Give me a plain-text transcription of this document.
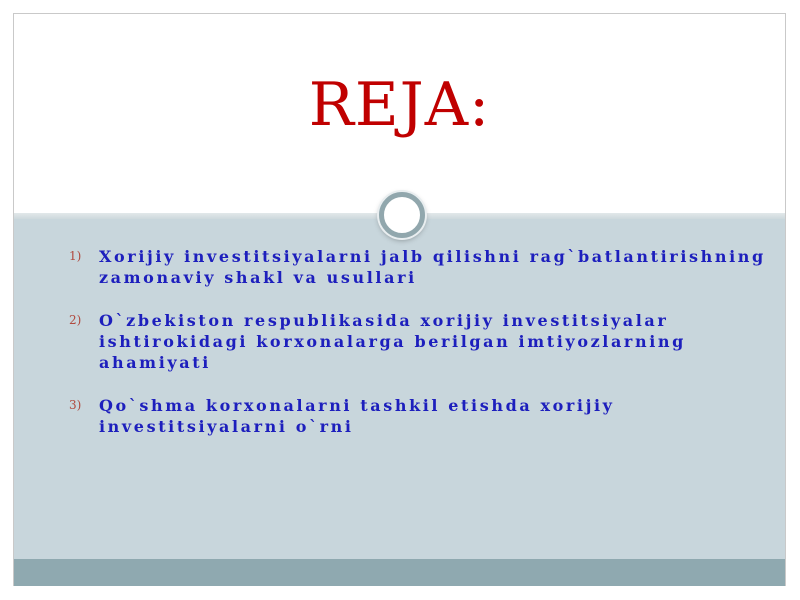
REJA:
1) Xorijiy investitsiyalarni jalb qilishni rag`batlantirishning zamonaviy shakl va usullari
2) O`zbekiston respublikasida xorijiy investitsiyalar ishtirokidagi korxonalarga berilgan imtiyozlarning ahamiyati
3) Qo`shma korxonalarni tashkil etishda xorijiy investitsiyalarni o`rni
